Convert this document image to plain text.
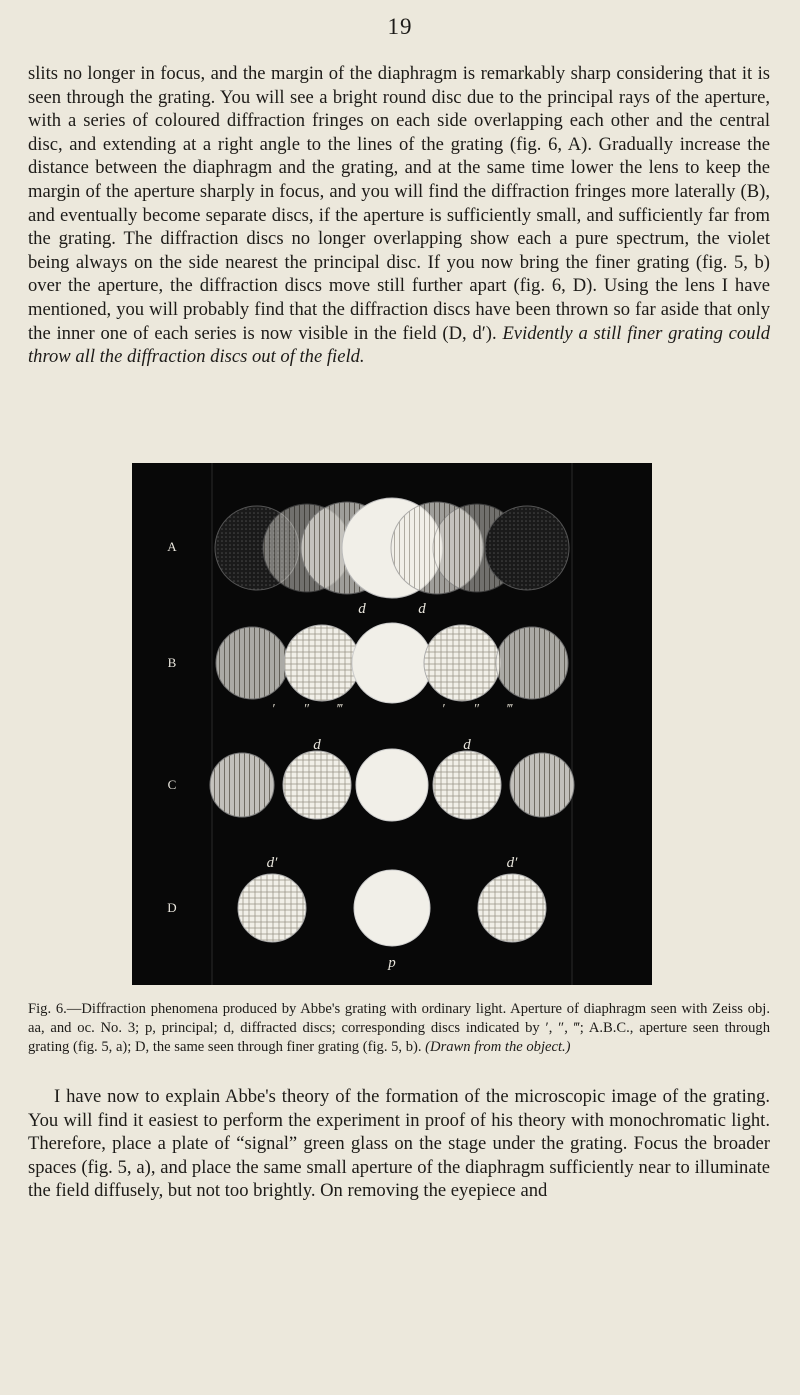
19
slits no longer in focus, and the margin of the diaphragm is remarkably sharp considering that it is seen through the grating. You will see a bright round disc due to the principal rays of the aperture, with a series of coloured diffraction fringes on each side overlapping each other and the central disc, and extending at a right angle to the lines of the grating (fig. 6, A). Gradually increase the distance between the diaphragm and the grating, and at the same time lower the lens to keep the margin of the aperture sharply in focus, and you will find the diffraction fringes more laterally (B), and eventually become separate discs, if the aperture is sufficiently small, and sufficiently far from the grating. The diffraction discs no longer overlapping show each a pure spectrum, the violet being always on the side nearest the principal disc. If you now bring the finer grating (fig. 5, b) over the aperture, the diffraction discs move still further apart (fig. 6, D). Using the lens I have mentioned, you will probably find that the diffraction discs have been thrown so far aside that only the inner one of each series is now visible in the field (D, d′). Evidently a still finer grating could throw all the diffraction discs out of the field.
A
B
C
D
d	d
d	d
d′	d′
p
′ ″ ‴	′ ″ ‴
Fig. 6.—Diffraction phenomena produced by Abbe's grating with ordinary light. Aperture of diaphragm seen with Zeiss obj. aa, and oc. No. 3; p, principal; d, diffracted discs; corresponding discs indicated by ′, ″, ‴; A.B.C., aperture seen through grating (fig. 5, a); D, the same seen through finer grating (fig. 5, b). (Drawn from the object.)
I have now to explain Abbe's theory of the formation of the microscopic image of the grating. You will find it easiest to perform the experiment in proof of his theory with monochromatic light. Therefore, place a plate of “signal” green glass on the stage under the grating. Focus the broader spaces (fig. 5, a), and place the same small aperture of the diaphragm sufficiently near to illuminate the field diffusely, but not too brightly. On removing the eyepiece and
